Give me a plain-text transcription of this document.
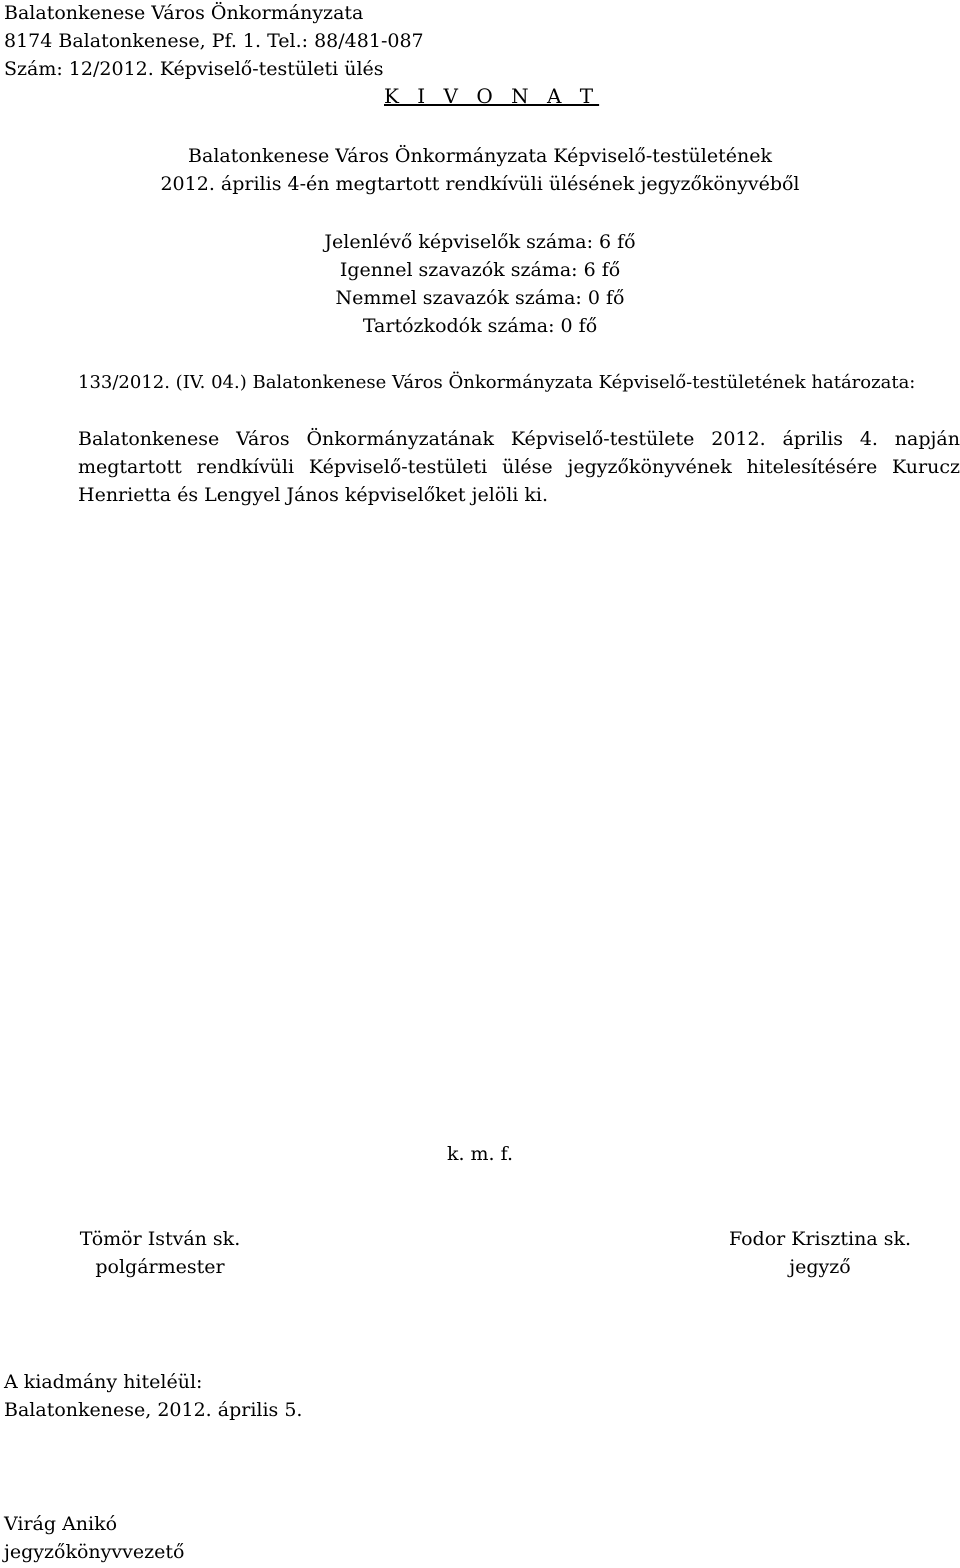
Balatonkenese Város Önkormányzata
8174 Balatonkenese, Pf. 1. Tel.: 88/481-087
Szám: 12/2012. Képviselő-testületi ülés
K I V O N A T
Balatonkenese Város Önkormányzata Képviselő-testületének
2012. április 4-én megtartott rendkívüli ülésének jegyzőkönyvéből
Jelenlévő képviselők száma: 6 fő
Igennel szavazók száma: 6 fő
Nemmel szavazók száma: 0 fő
Tartózkodók száma: 0 fő
133/2012. (IV. 04.) Balatonkenese Város Önkormányzata Képviselő-testületének határozata:
Balatonkenese Város Önkormányzatának Képviselő-testülete 2012. április 4. napján megtartott rendkívüli Képviselő-testületi ülése jegyzőkönyvének hitelesítésére Kurucz Henrietta és Lengyel János képviselőket jelöli ki.
k. m. f.
Tömör István sk.
polgármester
Fodor Krisztina sk.
jegyző
A kiadmány hiteléül:
Balatonkenese, 2012. április 5.
Virág Anikó
jegyzőkönyvvezető
